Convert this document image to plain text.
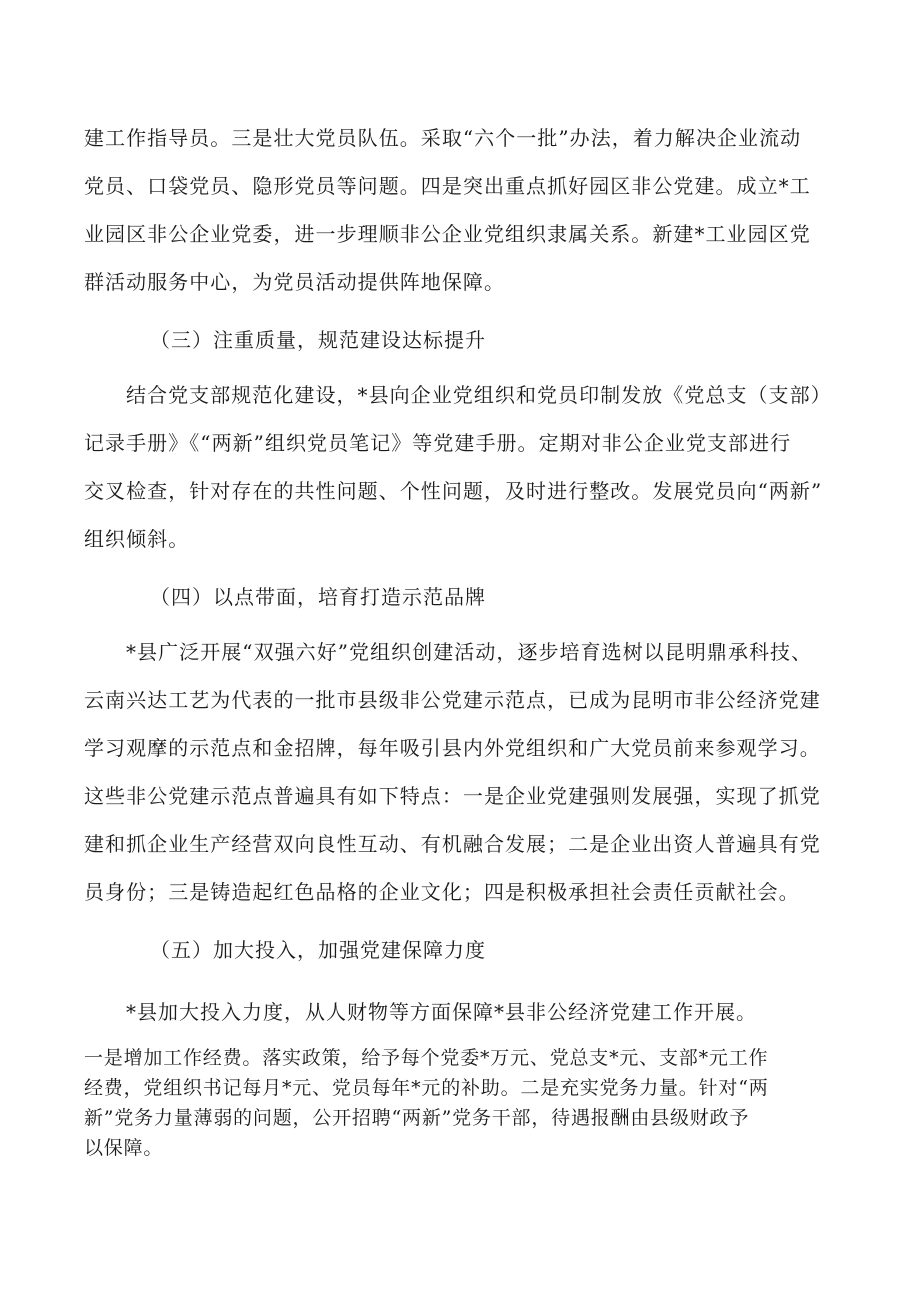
建工作指导员。三是壮大党员队伍。采取“六个一批”办法，着力解决企业流动

党员、口袋党员、隐形党员等问题。四是突出重点抓好园区非公党建。成立*工

业园区非公企业党委，进一步理顺非公企业党组织隶属关系。新建*工业园区党

群活动服务中心，为党员活动提供阵地保障。

（三）注重质量，规范建设达标提升

结合党支部规范化建设，*县向企业党组织和党员印制发放《党总支（支部）

记录手册》《“两新”组织党员笔记》等党建手册。定期对非公企业党支部进行

交叉检查，针对存在的共性问题、个性问题，及时进行整改。发展党员向“两新”

组织倾斜。

（四）以点带面，培育打造示范品牌

*县广泛开展“双强六好”党组织创建活动，逐步培育选树以昆明鼎承科技、

云南兴达工艺为代表的一批市县级非公党建示范点，已成为昆明市非公经济党建

学习观摩的示范点和金招牌，每年吸引县内外党组织和广大党员前来参观学习。

这些非公党建示范点普遍具有如下特点：一是企业党建强则发展强，实现了抓党

建和抓企业生产经营双向良性互动、有机融合发展；二是企业出资人普遍具有党

员身份；三是铸造起红色品格的企业文化；四是积极承担社会责任贡献社会。

（五）加大投入，加强党建保障力度

*县加大投入力度，从人财物等方面保障*县非公经济党建工作开展。

一是增加工作经费。落实政策，给予每个党委*万元、党总支*元、支部*元工作

经费，党组织书记每月*元、党员每年*元的补助。二是充实党务力量。针对“两

新”党务力量薄弱的问题，公开招聘“两新”党务干部，待遇报酬由县级财政予

以保障。
